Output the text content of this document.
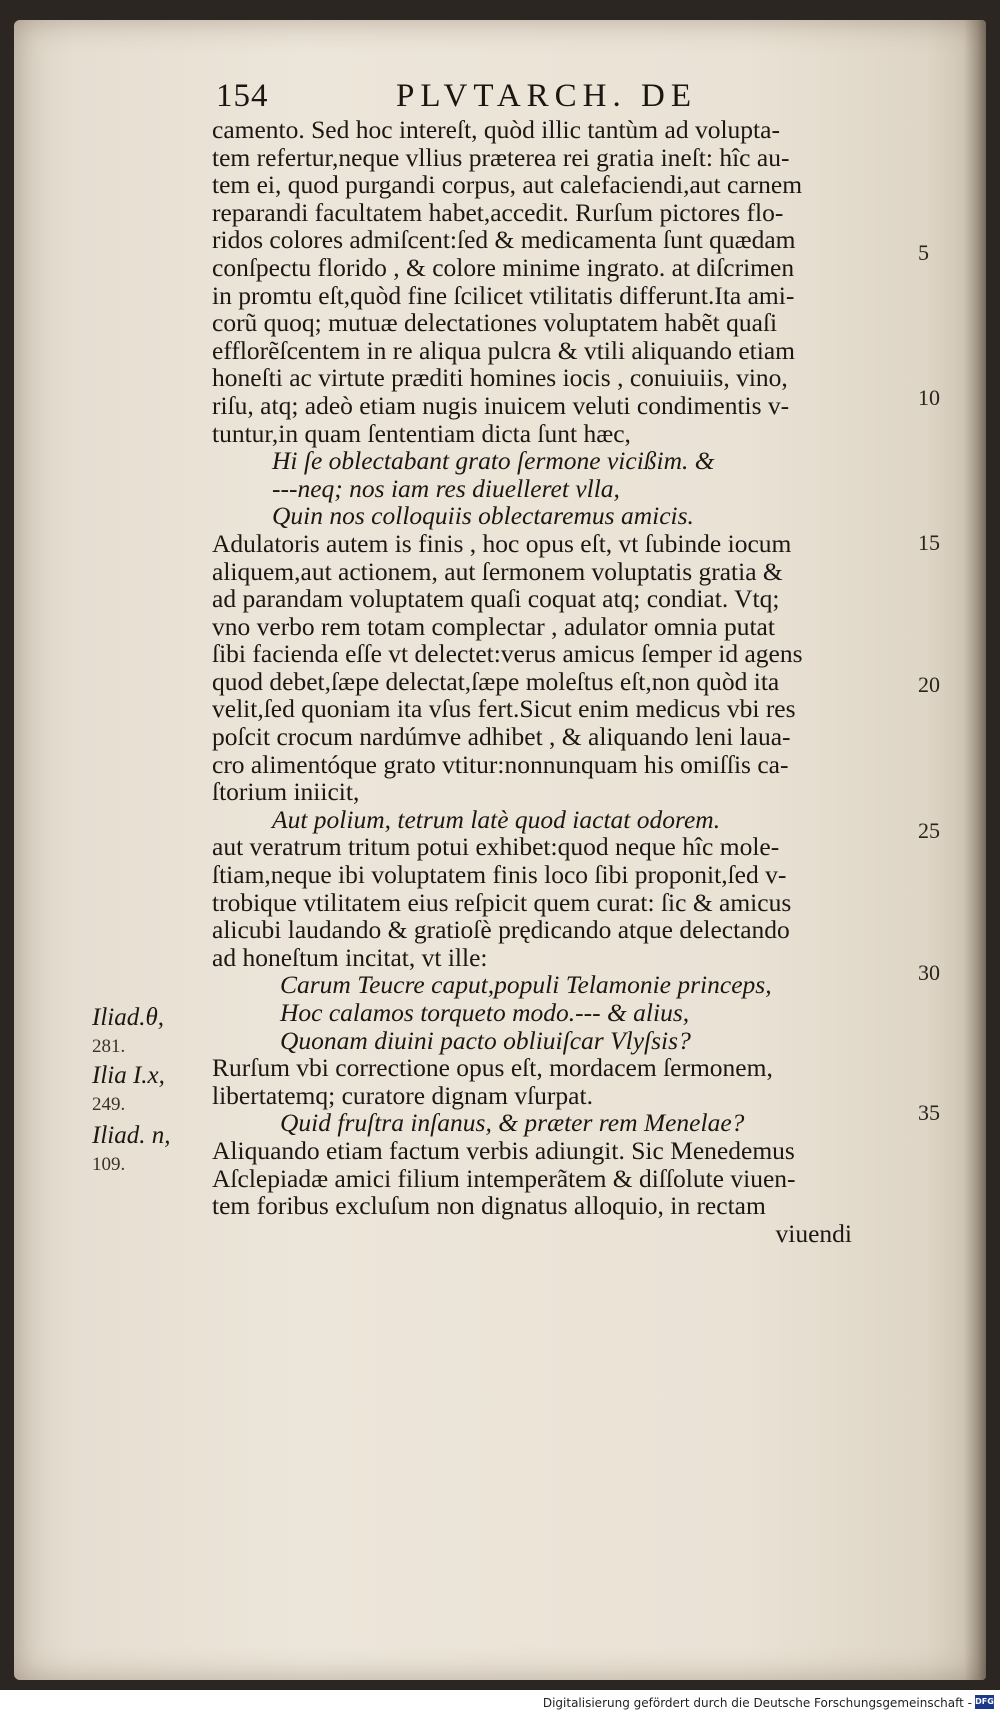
154	PLVTARCH. DE
camento. Sed hoc intereſt, quòd illic tantùm ad volupta-
tem refertur,neque vllius præterea rei gratia ineſt: hîc au-
tem ei, quod purgandi corpus, aut calefaciendi,aut carnem
reparandi facultatem habet,accedit. Rurſum pictores flo-
ridos colores admiſcent:ſed & medicamenta ſunt quædam
conſpectu florido , & colore minime ingrato. at diſcrimen
in promtu eſt,quòd fine ſcilicet vtilitatis differunt.Ita ami-
corũ quoq; mutuæ delectationes voluptatem habẽt quaſi
efflorẽſcentem in re aliqua pulcra & vtili aliquando etiam
honeſti ac virtute præditi homines iocis , conuiuiis, vino,
riſu, atq; adeò etiam nugis inuicem veluti condimentis v-
tuntur,in quam ſententiam dicta ſunt hæc,
Hi ſe oblectabant grato ſermone vicißim. &
---neq; nos iam res diuelleret vlla,
Quin nos colloquiis oblectaremus amicis.
Adulatoris autem is finis , hoc opus eſt, vt ſubinde iocum
aliquem,aut actionem, aut ſermonem voluptatis gratia &
ad parandam voluptatem quaſi coquat atq; condiat. Vtq;
vno verbo rem totam complectar , adulator omnia putat
ſibi facienda eſſe vt delectet:verus amicus ſemper id agens
quod debet,ſæpe delectat,ſæpe moleſtus eſt,non quòd ita
velit,ſed quoniam ita vſus fert.Sicut enim medicus vbi res
poſcit crocum nardúmve adhibet , & aliquando leni laua-
cro alimentóque grato vtitur:nonnunquam his omiſſis ca-
ſtorium iniicit,
Aut polium, tetrum latè quod iactat odorem.
aut veratrum tritum potui exhibet:quod neque hîc mole-
ſtiam,neque ibi voluptatem finis loco ſibi proponit,ſed v-
trobique vtilitatem eius reſpicit quem curat: ſic & amicus
alicubi laudando & gratioſè prędicando atque delectando
ad honeſtum incitat, vt ille:
Carum Teucre caput,populi Telamonie princeps,
Hoc calamos torqueto modo.--- & alius,
Quonam diuini pacto obliuiſcar Vlyſsis?
Rurſum vbi correctione opus eſt, mordacem ſermonem,
libertatemq; curatore dignam vſurpat.
Quid fruſtra inſanus, & præter rem Menelae?
Aliquando etiam factum verbis adiungit. Sic Menedemus
Aſclepiadæ amici filium intemperãtem & diſſolute viuen-
tem foribus excluſum non dignatus alloquio, in rectam
viuendi
5
10
15
20
25
30
35
Iliad.θ,
281.
Ilia I.x,
249.
Iliad. n,
109.
Digitalisierung gefördert durch die Deutsche Forschungsgemeinschaft - DFG
